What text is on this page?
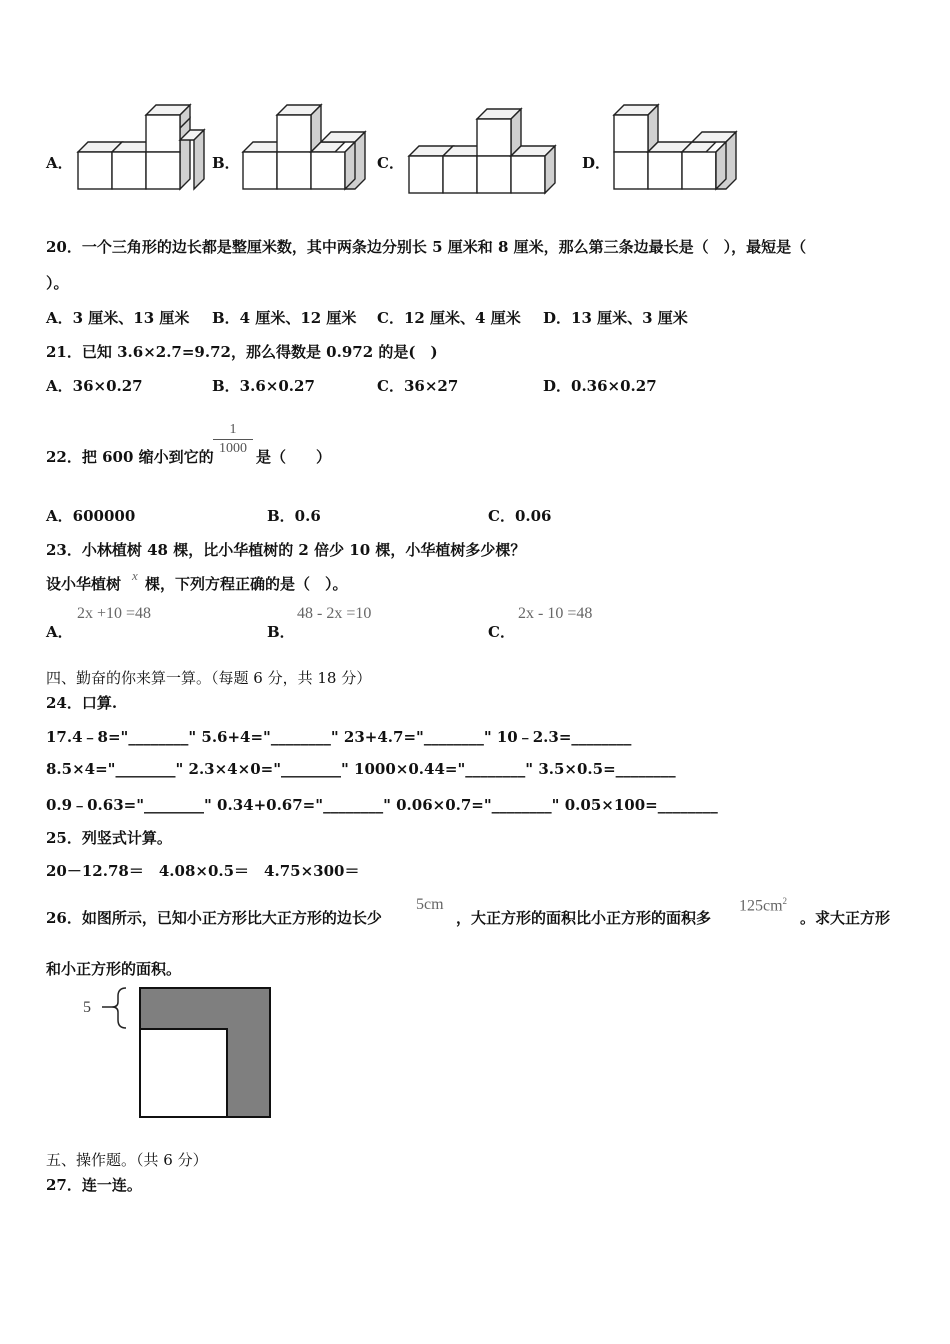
A．	B．	C．	D．
20．一个三角形的边长都是整厘米数，其中两条边分别长 5 厘米和 8 厘米，那么第三条边最长是（　），最短是（
）。
A．3 厘米、13 厘米 B．4 厘米、12 厘米 C．12 厘米、4 厘米 D．13 厘米、3 厘米
21．已知 3.6×2.7=9.72，那么得数是 0.972 的是(　)
A．36×0.27	B．3.6×0.27	C．36×27	D．0.36×0.27
22．把 600 缩小到它的
1
1000 是（　　）
A．600000	B．0.6	C．0.06
23．小林植树 48 棵，比小华植树的 2 倍少 10 棵，小华植树多少棵？
设小华植树 x 棵，下列方程正确的是（　）。
A．
2x +10 =48
B．
48 - 2x =10
C．
2x - 10 =48
四、勤奋的你来算一算。（每题 6 分，共 18 分）
24．口算.
17.4﹣8="________" 5.6+4="________" 23+4.7="________" 10﹣2.3=________
8.5×4="________" 2.3×4×0="________" 1000×0.44="________" 3.5×0.5=________
0.9﹣0.63="________" 0.34+0.67="________" 0.06×0.7="________" 0.05×100=________
25．列竖式计算。
20－12.78＝　4.08×0.5＝　4.75×300＝
26．如图所示，已知小正方形比大正方形的边长少
5cm
，大正方形的面积比小正方形的面积多
$125cm^2$
。求大正方形
和小正方形的面积。
5
五、操作题。（共 6 分）
27．连一连。
